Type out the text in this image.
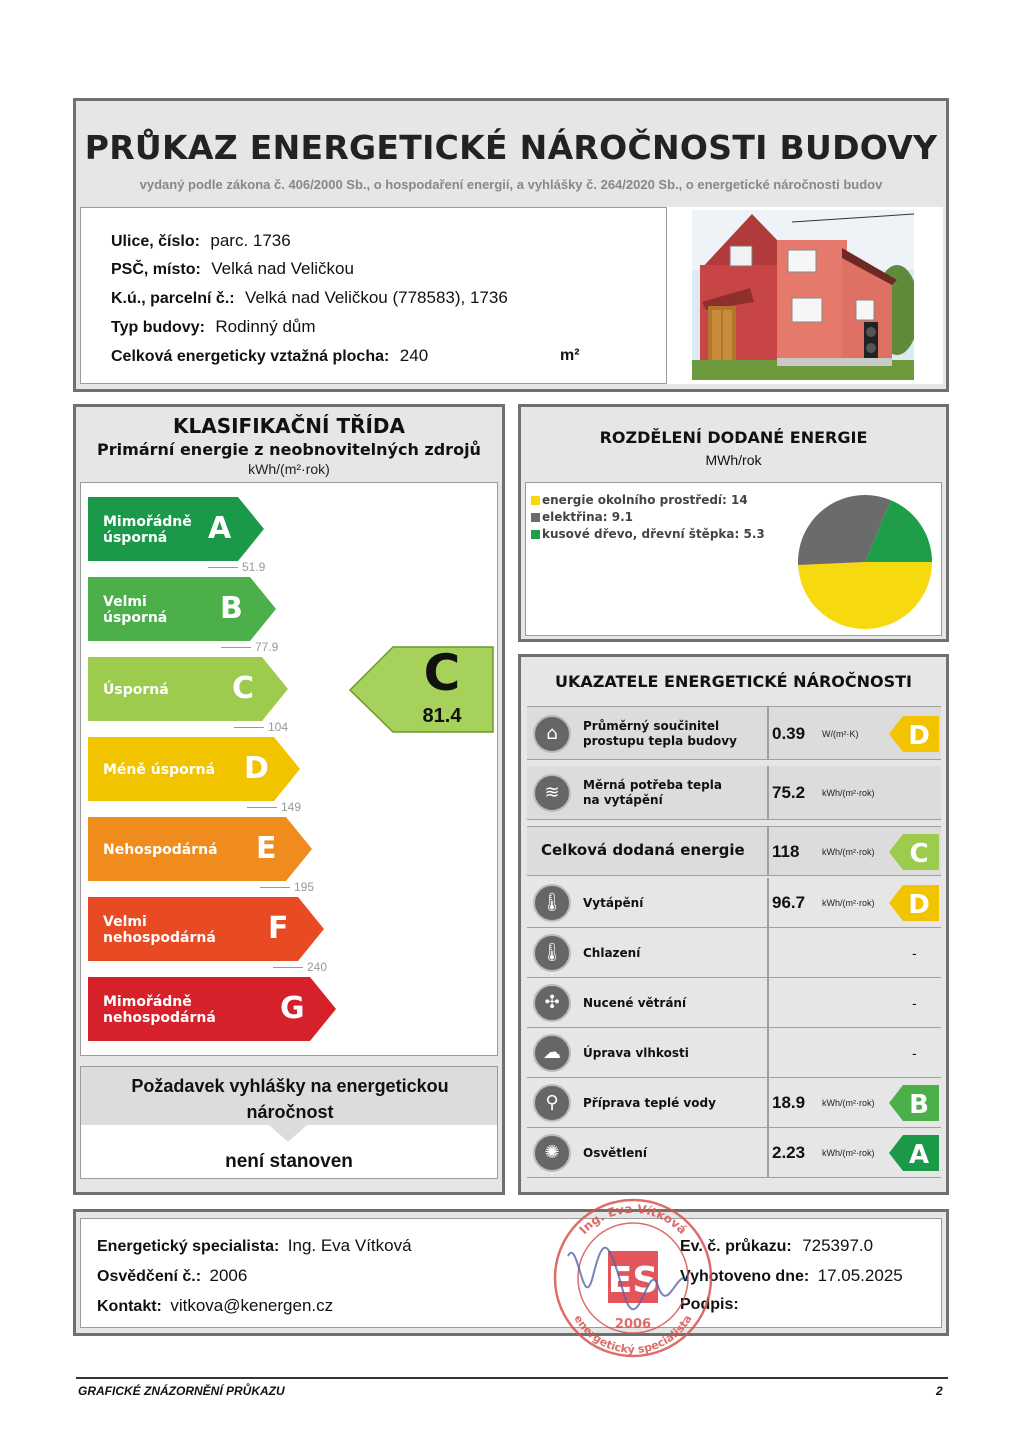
PRŮKAZ ENERGETICKÉ NÁROČNOSTI BUDOVY
vydaný podle zákona č. 406/2000 Sb., o hospodaření energií, a vyhlášky č. 264/2020 Sb., o energetické náročnosti budov
Ulice, číslo: parc. 1736
PSČ, místo: Velká nad Veličkou
K.ú., parcelní č.: Velká nad Veličkou (778583), 1736
Typ budovy: Rodinný dům
Celková energeticky vztažná plocha: 240	m²
KLASIFIKAČNÍ TŘÍDA
Primární energie z neobnovitelných zdrojů
kWh/(m²·rok)
Mimořádně
úsporná	A
Velmi
úsporná B
Úsporná C
Méně úsporná D
Nehospodárná E
Velmi
nehospodárná F
Mimořádně
nehospodárná G
51.9
77.9
104
149
195
240
C
81.4
Požadavek vyhlášky na energetickou náročnost
není stanoven
ROZDĚLENÍ DODANÉ ENERGIE
MWh/rok
energie okolního prostředí: 14
elektřina: 9.1
kusové dřevo, dřevní štěpka: 5.3
UKAZATELE ENERGETICKÉ NÁROČNOSTI
⌂	Průměrný součinitel
prostupu tepla budovy 0.39 W/(m²·K) D
≋	Měrná potřeba tepla
na vytápění	75.2 kWh/(m²·rok)
Celková dodaná energie 118	kWh/(m²·rok) C
🌡	Vytápění	96.7 kWh/(m²·rok) D
🌡	Chlazení	-
✣	Nucené větrání	-
☁	Úprava vlhkosti	-
⚲	Příprava teplé vody	18.9 kWh/(m²·rok) B
✺	Osvětlení	2.23 kWh/(m²·rok) A
Energetický specialista: Ing. Eva Vítková
Osvědčení č.: 2006
Kontakt: vitkova@kenergen.cz
Ev. č. průkazu: 725397.0
Vyhotoveno dne: 17.05.2025
Podpis:
Ing. Eva Vítková
energetický specialista
ES
2006
GRAFICKÉ ZNÁZORNĚNÍ PRŮKAZU	2
